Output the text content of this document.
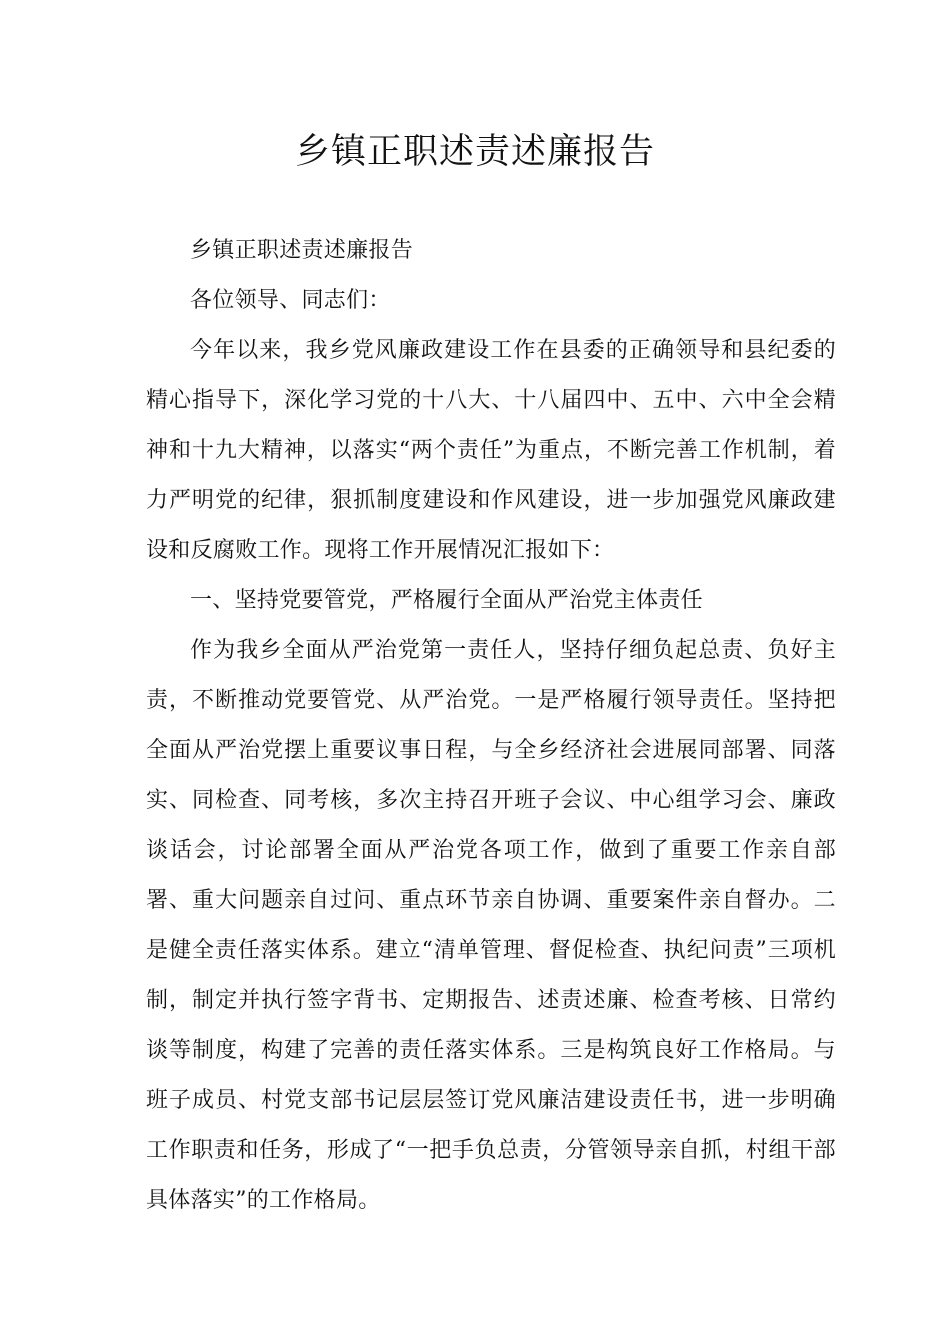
乡镇正职述责述廉报告

乡镇正职述责述廉报告

各位领导、同志们：

今年以来，我乡党风廉政建设工作在县委的正确领导和县纪委的精心指导下，深化学习党的十八大、十八届四中、五中、六中全会精神和十九大精神，以落实“两个责任”为重点，不断完善工作机制，着力严明党的纪律，狠抓制度建设和作风建设，进一步加强党风廉政建设和反腐败工作。现将工作开展情况汇报如下：

一、坚持党要管党，严格履行全面从严治党主体责任

作为我乡全面从严治党第一责任人，坚持仔细负起总责、负好主责，不断推动党要管党、从严治党。一是严格履行领导责任。坚持把全面从严治党摆上重要议事日程，与全乡经济社会进展同部署、同落实、同检查、同考核，多次主持召开班子会议、中心组学习会、廉政谈话会，讨论部署全面从严治党各项工作，做到了重要工作亲自部署、重大问题亲自过问、重点环节亲自协调、重要案件亲自督办。二是健全责任落实体系。建立“清单管理、督促检查、执纪问责”三项机制，制定并执行签字背书、定期报告、述责述廉、检查考核、日常约谈等制度，构建了完善的责任落实体系。三是构筑良好工作格局。与班子成员、村党支部书记层层签订党风廉洁建设责任书，进一步明确工作职责和任务，形成了“一把手负总责，分管领导亲自抓，村组干部具体落实”的工作格局。
